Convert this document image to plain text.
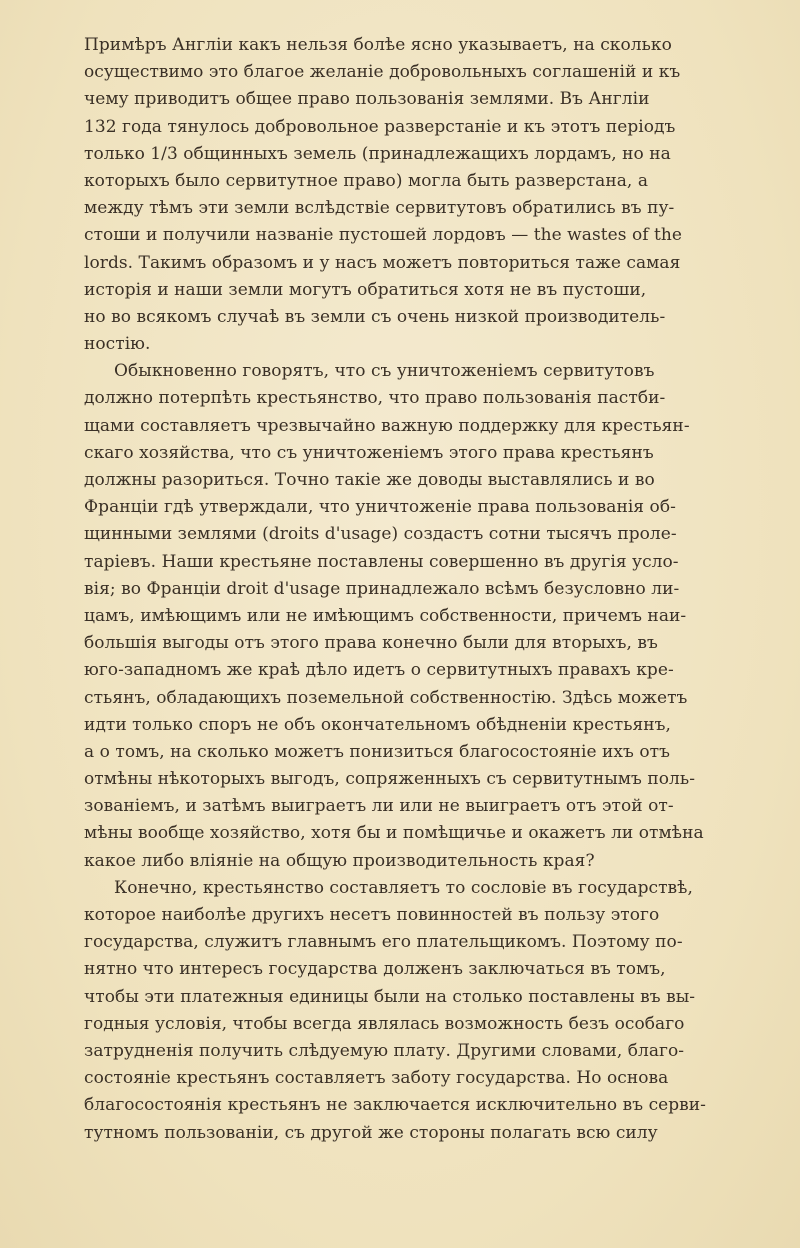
Примѣръ Англіи какъ нельзя болѣе ясно указываетъ, на сколько

осуществимо это благое желаніе добровольныхъ соглашеній и къ

чему приводитъ общее право пользованія землями. Въ Англіи

132 года тянулось добровольное разверстаніе и къ этотъ періодъ

только 1/3 общинныхъ земель (принадлежащихъ лордамъ, но на

которыхъ было сервитутное право) могла быть разверстана, а

между тѣмъ эти земли вслѣдствіе сервитутовъ обратились въ пу-

стоши и получили названіе пустошей лордовъ — the wastes of the

lords. Такимъ образомъ и у насъ можетъ повториться таже самая

исторія и наши земли могутъ обратиться хотя не въ пустоши,

но во всякомъ случаѣ въ земли съ очень низкой производитель-

ностію.

Обыкновенно говорятъ, что съ уничтоженіемъ сервитутовъ

должно потерпѣть крестьянство, что право пользованія пастби-

щами составляетъ чрезвычайно важную поддержку для крестьян-

скаго хозяйства, что съ уничтоженіемъ этого права крестьянъ

должны разориться. Точно такіе же доводы выставлялись и во

Франціи гдѣ утверждали, что уничтоженіе права пользованія об-

щинными землями (droits d'usage) создастъ сотни тысячъ проле-

таріевъ. Наши крестьяне поставлены совершенно въ другія усло-

вія; во Франціи droit d'usage принадлежало всѣмъ безусловно ли-

цамъ, имѣющимъ или не имѣющимъ собственности, причемъ наи-

большія выгоды отъ этого права конечно были для вторыхъ, въ

юго-западномъ же краѣ дѣло идетъ о сервитутныхъ правахъ кре-

стьянъ, обладающихъ поземельной собственностію. Здѣсь можетъ

идти только споръ не объ окончательномъ обѣдненіи крестьянъ,

а о томъ, на сколько можетъ понизиться благосостояніе ихъ отъ

отмѣны нѣкоторыхъ выгодъ, сопряженныхъ съ сервитутнымъ поль-

зованіемъ, и затѣмъ выиграетъ ли или не выиграетъ отъ этой от-

мѣны вообще хозяйство, хотя бы и помѣщичье и окажетъ ли отмѣна

какое либо вліяніе на общую производительность края?

Конечно, крестьянство составляетъ то сословіе въ государствѣ,

которое наиболѣе другихъ несетъ повинностей въ пользу этого

государства, служитъ главнымъ его плательщикомъ. Поэтому по-

нятно что интересъ государства долженъ заключаться въ томъ,

чтобы эти платежныя единицы были на столько поставлены въ вы-

годныя условія, чтобы всегда являлась возможность безъ особаго

затрудненія получить слѣдуемую плату. Другими словами, благо-

состояніе крестьянъ составляетъ заботу государства. Но основа

благосостоянія крестьянъ не заключается исключительно въ серви-

тутномъ пользованіи, съ другой же стороны полагать всю силу
